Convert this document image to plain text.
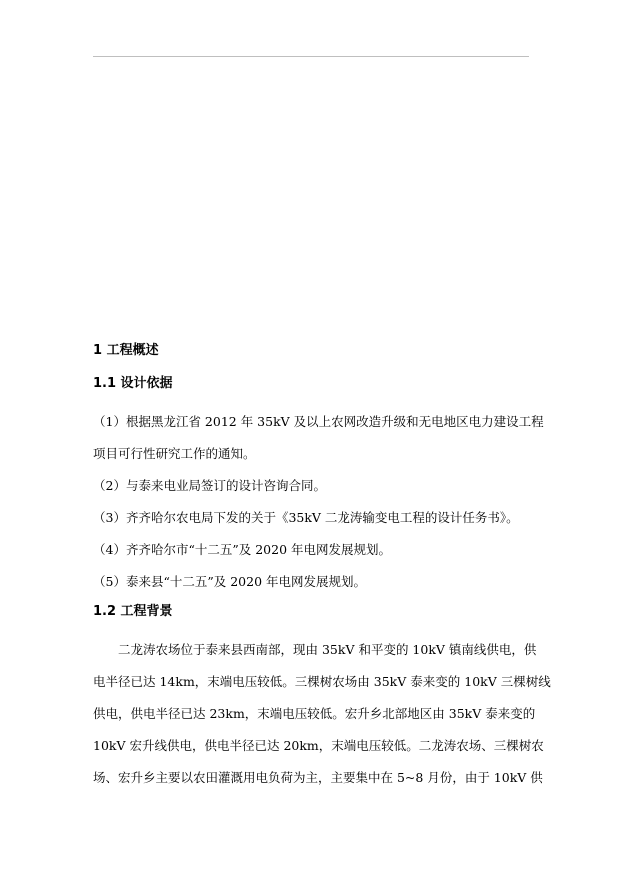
1 工程概述
1.1 设计依据

（1）根据黑龙江省 2012 年 35kV 及以上农网改造升级和无电地区电力建设工程

项目可行性研究工作的通知。

（2）与泰来电业局签订的设计咨询合同。

（3）齐齐哈尔农电局下发的关于《35kV 二龙涛输变电工程的设计任务书》。

（4）齐齐哈尔市“十二五”及 2020 年电网发展规划。

（5）泰来县“十二五”及 2020 年电网发展规划。

1.2 工程背景

二龙涛农场位于泰来县西南部，现由 35kV 和平变的 10kV 镇南线供电，供

电半径已达 14km，末端电压较低。三棵树农场由 35kV 泰来变的 10kV 三棵树线

供电，供电半径已达 23km，末端电压较低。宏升乡北部地区由 35kV 泰来变的

10kV 宏升线供电，供电半径已达 20km，末端电压较低。二龙涛农场、三棵树农

场、宏升乡主要以农田灌溉用电负荷为主，主要集中在 5~8 月份，由于 10kV 供
